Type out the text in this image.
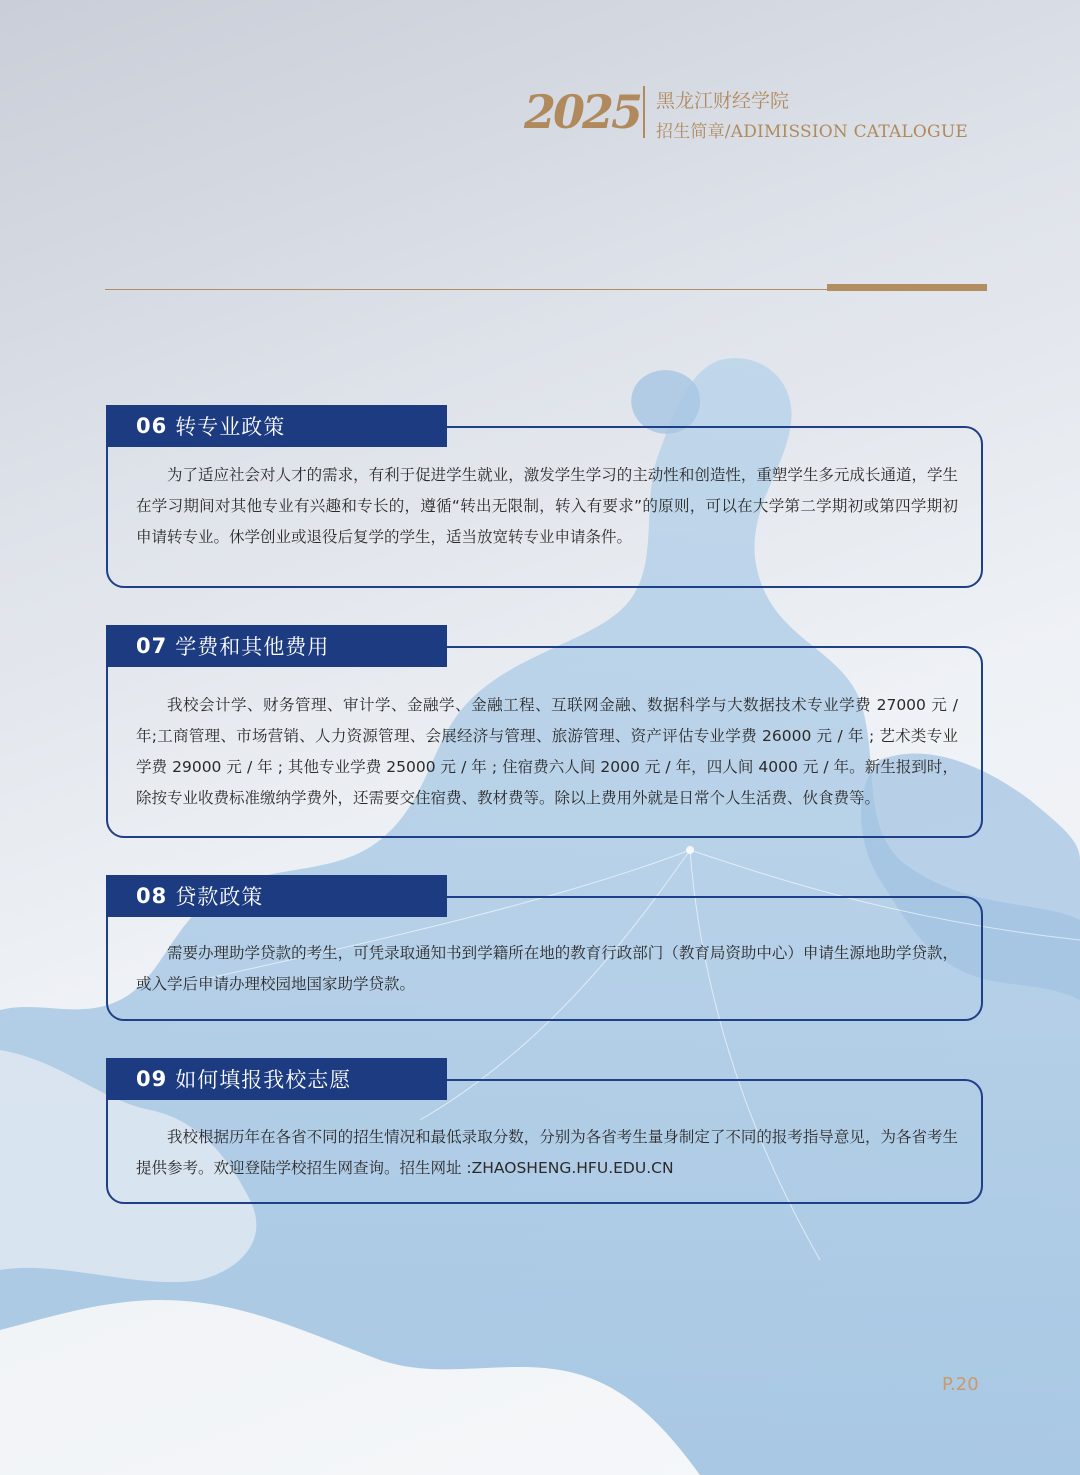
2025 黑龙江财经学院
招生简章/ADIMISSION CATALOGUE
06 转专业政策
为了适应社会对人才的需求，有利于促进学生就业，激发学生学习的主动性和创造性，重塑学生多元成长通道，学生在学习期间对其他专业有兴趣和专长的，遵循“转出无限制，转入有要求”的原则，可以在大学第二学期初或第四学期初申请转专业。休学创业或退役后复学的学生，适当放宽转专业申请条件。
07 学费和其他费用
我校会计学、财务管理、审计学、金融学、金融工程、互联网金融、数据科学与大数据技术专业学费 27000 元 / 年;工商管理、市场营销、人力资源管理、会展经济与管理、旅游管理、资产评估专业学费 26000 元 / 年 ; 艺术类专业学费 29000 元 / 年 ; 其他专业学费 25000 元 / 年 ; 住宿费六人间 2000 元 / 年，四人间 4000 元 / 年。新生报到时，除按专业收费标准缴纳学费外，还需要交住宿费、教材费等。除以上费用外就是日常个人生活费、伙食费等。
08 贷款政策
需要办理助学贷款的考生，可凭录取通知书到学籍所在地的教育行政部门（教育局资助中心）申请生源地助学贷款，或入学后申请办理校园地国家助学贷款。
09 如何填报我校志愿
我校根据历年在各省不同的招生情况和最低录取分数，分别为各省考生量身制定了不同的报考指导意见，为各省考生提供参考。欢迎登陆学校招生网查询。招生网址 :ZHAOSHENG.HFU.EDU.CN
P.20
